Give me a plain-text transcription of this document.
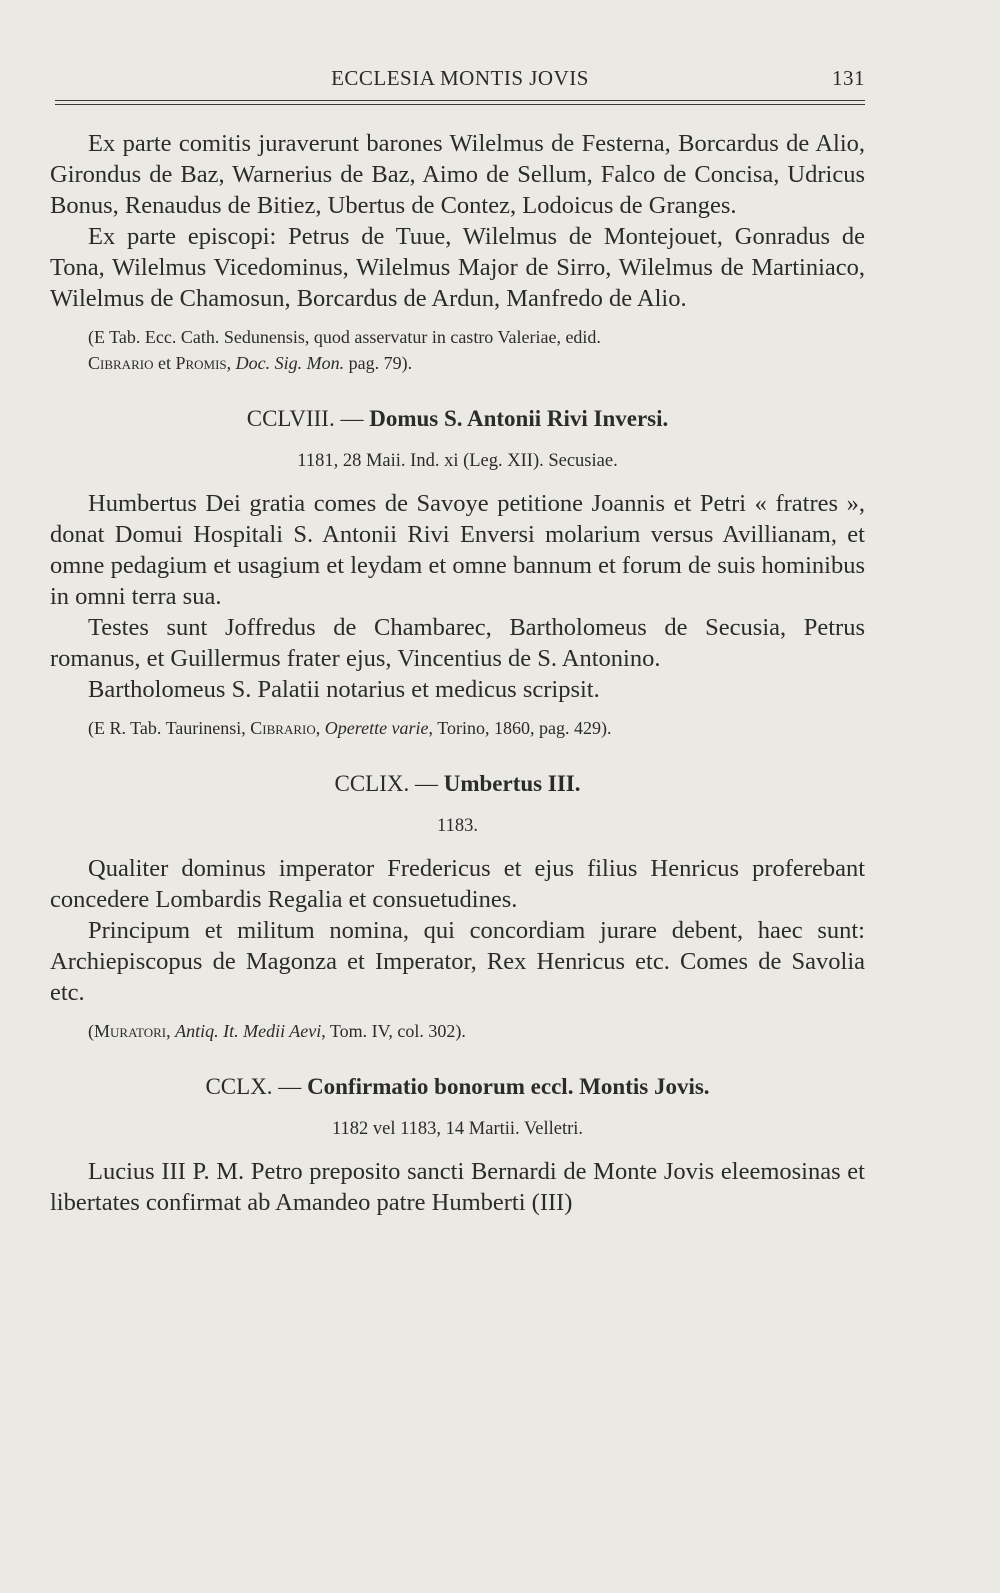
ECCLESIA MONTIS JOVIS	131

Ex parte comitis juraverunt barones Wilelmus de Festerna, Borcardus de Alio, Girondus de Baz, Warnerius de Baz, Aimo de Sellum, Falco de Concisa, Udricus Bonus, Renaudus de Bitiez, Ubertus de Contez, Lodoicus de Granges.

Ex parte episcopi: Petrus de Tuue, Wilelmus de Montejouet, Gonradus de Tona, Wilelmus Vicedominus, Wilelmus Major de Sirro, Wilelmus de Martiniaco, Wilelmus de Chamosun, Borcardus de Ardun, Manfredo de Alio.

(E Tab. Ecc. Cath. Sedunensis, quod asservatur in castro Valeriae, edid.
Cibrario et Promis, Doc. Sig. Mon. pag. 79).

CCLVIII. — Domus S. Antonii Rivi Inversi.

1181, 28 Maii. Ind. xi (Leg. XII). Secusiae.

Humbertus Dei gratia comes de Savoye petitione Joannis et Petri « fratres », donat Domui Hospitali S. Antonii Rivi Enversi molarium versus Avillianam, et omne pedagium et usagium et leydam et omne bannum et forum de suis hominibus in omni terra sua.

Testes sunt Joffredus de Chambarec, Bartholomeus de Secusia, Petrus romanus, et Guillermus frater ejus, Vincentius de S. Antonino.

Bartholomeus S. Palatii notarius et medicus scripsit.

(E R. Tab. Taurinensi, Cibrario, Operette varie, Torino, 1860, pag. 429).

CCLIX. — Umbertus III.

1183.

Qualiter dominus imperator Fredericus et ejus filius Henricus proferebant concedere Lombardis Regalia et consuetudines.

Principum et militum nomina, qui concordiam jurare debent, haec sunt: Archiepiscopus de Magonza et Imperator, Rex Henricus etc. Comes de Savolia etc.

(Muratori, Antiq. It. Medii Aevi, Tom. IV, col. 302).

CCLX. — Confirmatio bonorum eccl. Montis Jovis.

1182 vel 1183, 14 Martii. Velletri.

Lucius III P. M. Petro preposito sancti Bernardi de Monte Jovis eleemosinas et libertates confirmat ab Amandeo patre Humberti (III)
